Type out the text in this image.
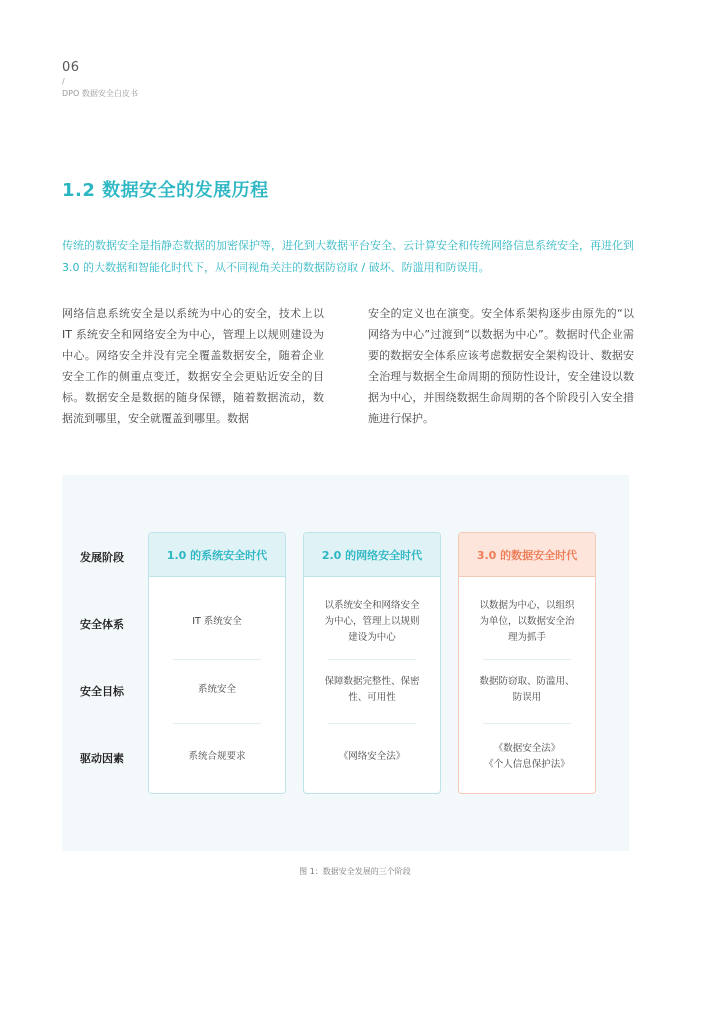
06
/
DPO 数据安全白皮书
1.2 数据安全的发展历程

传统的数据安全是指静态数据的加密保护等，进化到大数据平台安全、云计算安全和传统网络信息系统安全，再进化到 3.0 的大数据和智能化时代下，从不同视角关注的数据防窃取 / 破坏、防滥用和防误用。

网络信息系统安全是以系统为中心的安全，技术上以 IT 系统安全和网络安全为中心，管理上以规则建设为中心。网络安全并没有完全覆盖数据安全，随着企业安全工作的侧重点变迁，数据安全会更贴近安全的目标。数据安全是数据的随身保镖，随着数据流动，数据流到哪里，安全就覆盖到哪里。数据

安全的定义也在演变。安全体系架构逐步由原先的“以网络为中心”过渡到“以数据为中心”。数据时代企业需要的数据安全体系应该考虑数据安全架构设计、数据安全治理与数据全生命周期的预防性设计，安全建设以数据为中心，并围绕数据生命周期的各个阶段引入安全措施进行保护。

发展阶段
安全体系
安全目标
驱动因素
1.0 的系统安全时代
IT 系统安全
系统安全
系统合规要求
2.0 的网络安全时代
以系统安全和网络安全为中心，管理上以规则建设为中心
保障数据完整性、保密性、可用性
《网络安全法》
3.0 的数据安全时代
以数据为中心，以组织为单位，以数据安全治理为抓手
数据防窃取、防滥用、防误用
《数据安全法》
《个人信息保护法》
图 1：数据安全发展的三个阶段
